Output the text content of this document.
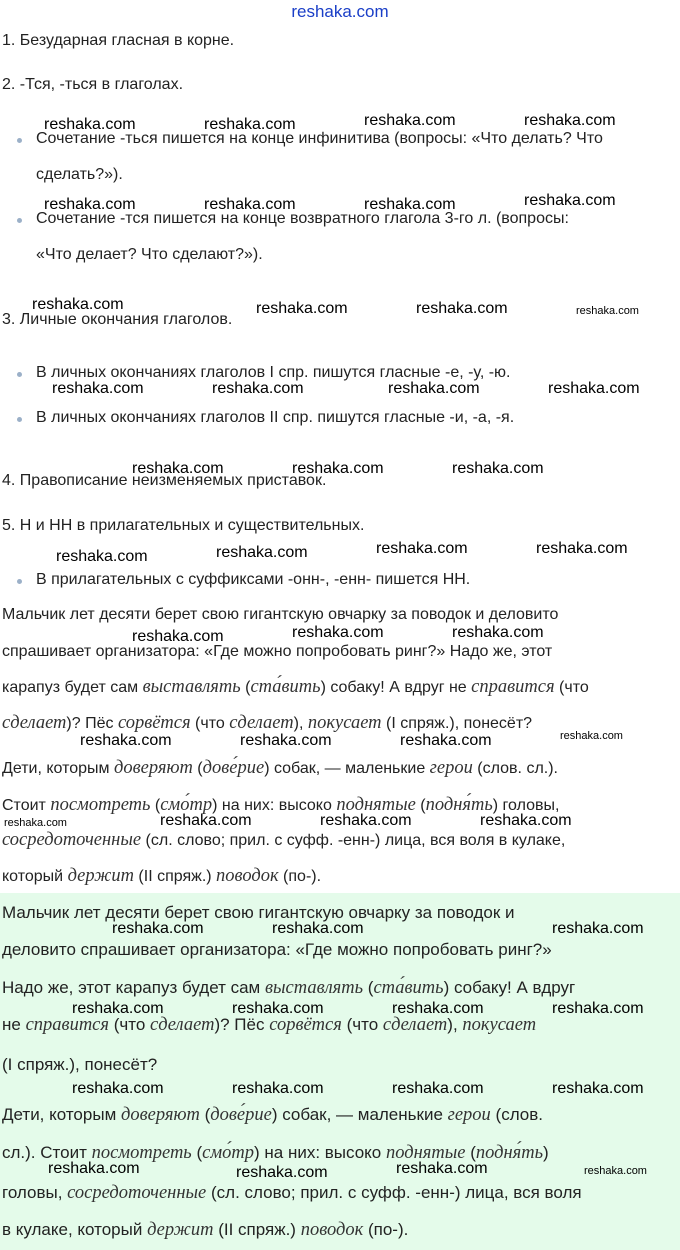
reshaka.com
1. Безударная гласная в корне.
2. -Тся, -ться в глаголах.
Сочетание -ться пишется на конце инфинитива (вопросы: «Что делать? Что
сделать?»).
Сочетание -тся пишется на конце возвратного глагола 3-го л. (вопросы:
«Что делает? Что сделают?»).
3. Личные окончания глаголов.
В личных окончаниях глаголов I спр. пишутся гласные -е, -у, -ю.
В личных окончаниях глаголов II спр. пишутся гласные -и, -а, -я.
4. Правописание неизменяемых приставок.
5. Н и НН в прилагательных и существительных.
В прилагательных с суффиксами -онн-, -енн- пишется НН.
Мальчик лет десяти берет свою гигантскую овчарку за поводок и деловито
спрашивает организатора: «Где можно попробовать ринг?» Надо же, этот
карапуз будет сам выставлять (ста́вить) собаку! А вдруг не справится (что
сделает)? Пёс сорвётся (что сделает), покусает (I спряж.), понесёт?
Дети, которым доверяют (дове́рие) собак, — маленькие герои (слов. сл.).
Стоит посмотреть (смо́тр) на них: высоко поднятые (подня́ть) головы,
сосредоточенные (сл. слово; прил. с суфф. -енн-) лица, вся воля в кулаке,
который держит (II спряж.) поводок (по-).
Мальчик лет десяти берет свою гигантскую овчарку за поводок и
деловито спрашивает организатора: «Где можно попробовать ринг?»
Надо же, этот карапуз будет сам выставлять (ста́вить) собаку! А вдруг
не справится (что сделает)? Пёс сорвётся (что сделает), покусает
(I спряж.), понесёт?
Дети, которым доверяют (дове́рие) собак, — маленькие герои (слов.
сл.). Стоит посмотреть (смо́тр) на них: высоко поднятые (подня́ть)
головы, сосредоточенные (сл. слово; прил. с суфф. -енн-) лица, вся воля
в кулаке, который держит (II спряж.) поводок (по-).
reshaka.com	reshaka.com	reshaka.com	reshaka.com
reshaka.com	reshaka.com	reshaka.com	reshaka.com
reshaka.com	reshaka.com	reshaka.com	reshaka.com
reshaka.com	reshaka.com	reshaka.com	reshaka.com
reshaka.com	reshaka.com	reshaka.com
reshaka.com	reshaka.com	reshaka.com	reshaka.com
reshaka.com	reshaka.com	reshaka.com
reshaka.com	reshaka.com	reshaka.com	reshaka.com
reshaka.com	reshaka.com	reshaka.com	reshaka.com
reshaka.com	reshaka.com	reshaka.com
reshaka.com	reshaka.com	reshaka.com	reshaka.com
reshaka.com	reshaka.com	reshaka.com	reshaka.com
reshaka.com	reshaka.com	reshaka.com	reshaka.com
